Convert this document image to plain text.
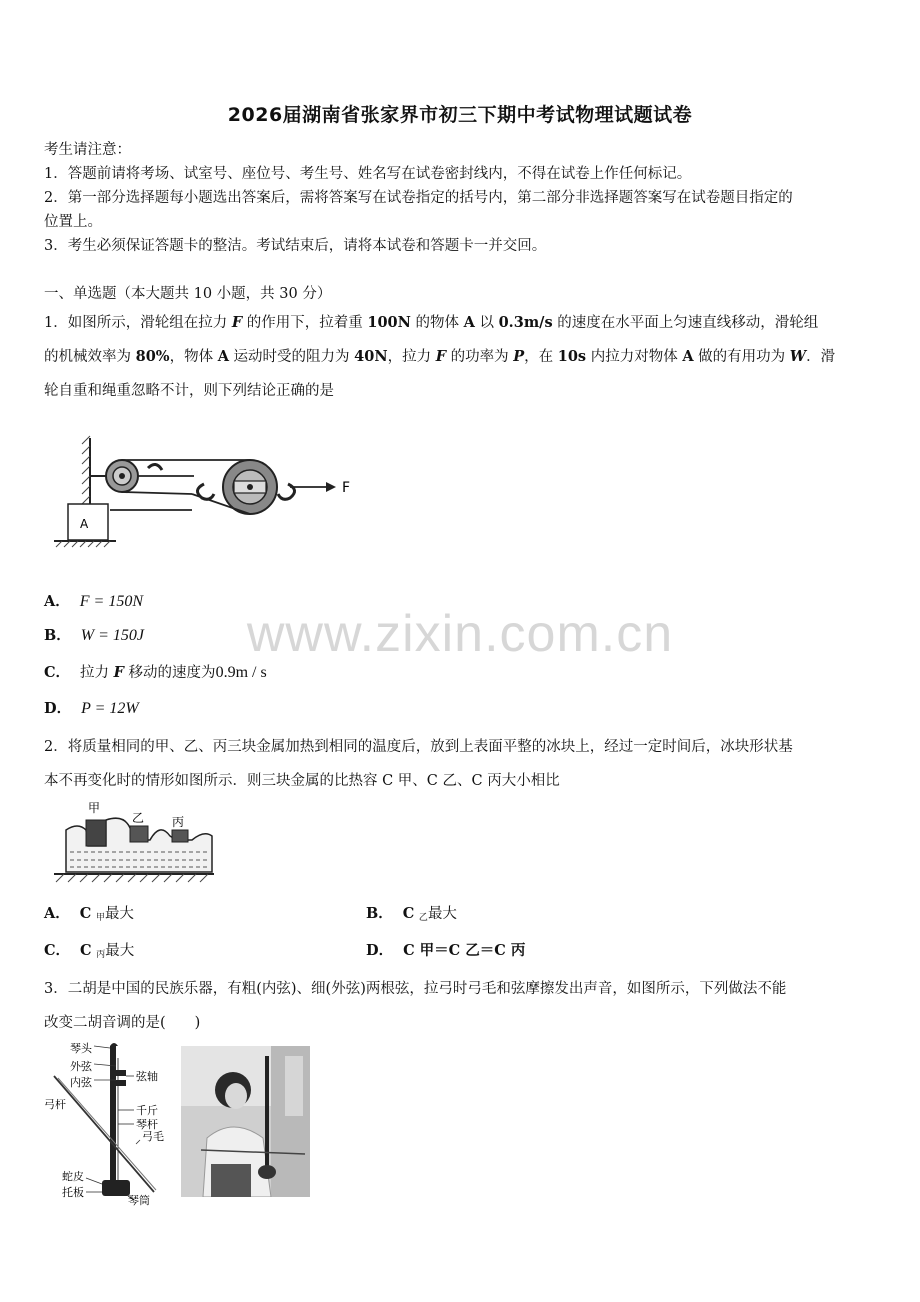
2026届湖南省张家界市初三下期中考试物理试题试卷
考生请注意：
1．答题前请将考场、试室号、座位号、考生号、姓名写在试卷密封线内，不得在试卷上作任何标记。
2．第一部分选择题每小题选出答案后，需将答案写在试卷指定的括号内，第二部分非选择题答案写在试卷题目指定的
位置上。
3．考生必须保证答题卡的整洁。考试结束后，请将本试卷和答题卡一并交回。
一、单选题（本大题共 10 小题，共 30 分）
1．如图所示，滑轮组在拉力 F 的作用下，拉着重 100N 的物体 A 以 0.3m/s 的速度在水平面上匀速直线移动，滑轮组
的机械效率为 80%，物体 A 运动时受的阻力为 40N，拉力 F 的功率为 P，在 10s 内拉力对物体 A 做的有用功为 W．滑
轮自重和绳重忽略不计，则下列结论正确的是
F
A
A． F = 150N
B． W = 150J
C． 拉力 F 移动的速度为0.9m / s
D． P = 12W
www.zixin.com.cn
2．将质量相同的甲、乙、丙三块金属加热到相同的温度后，放到上表面平整的冰块上，经过一定时间后，冰块形状基
本不再变化时的情形如图所示．则三块金属的比热容 C 甲、C 乙、C 丙大小相比
甲
乙 丙
A． C $_甲$最大	B． C $_乙$最大
C． C $_丙$最大	D． C 甲＝C 乙＝C 丙
3．二胡是中国的民族乐器，有粗(内弦)、细(外弦)两根弦，拉弓时弓毛和弦摩擦发出声音，如图所示，下列做法不能
改变二胡音调的是(　　)
琴头
外弦
内弦	弦轴
弓杆	千斤
琴杆
弓毛
蛇皮
托板
琴筒
